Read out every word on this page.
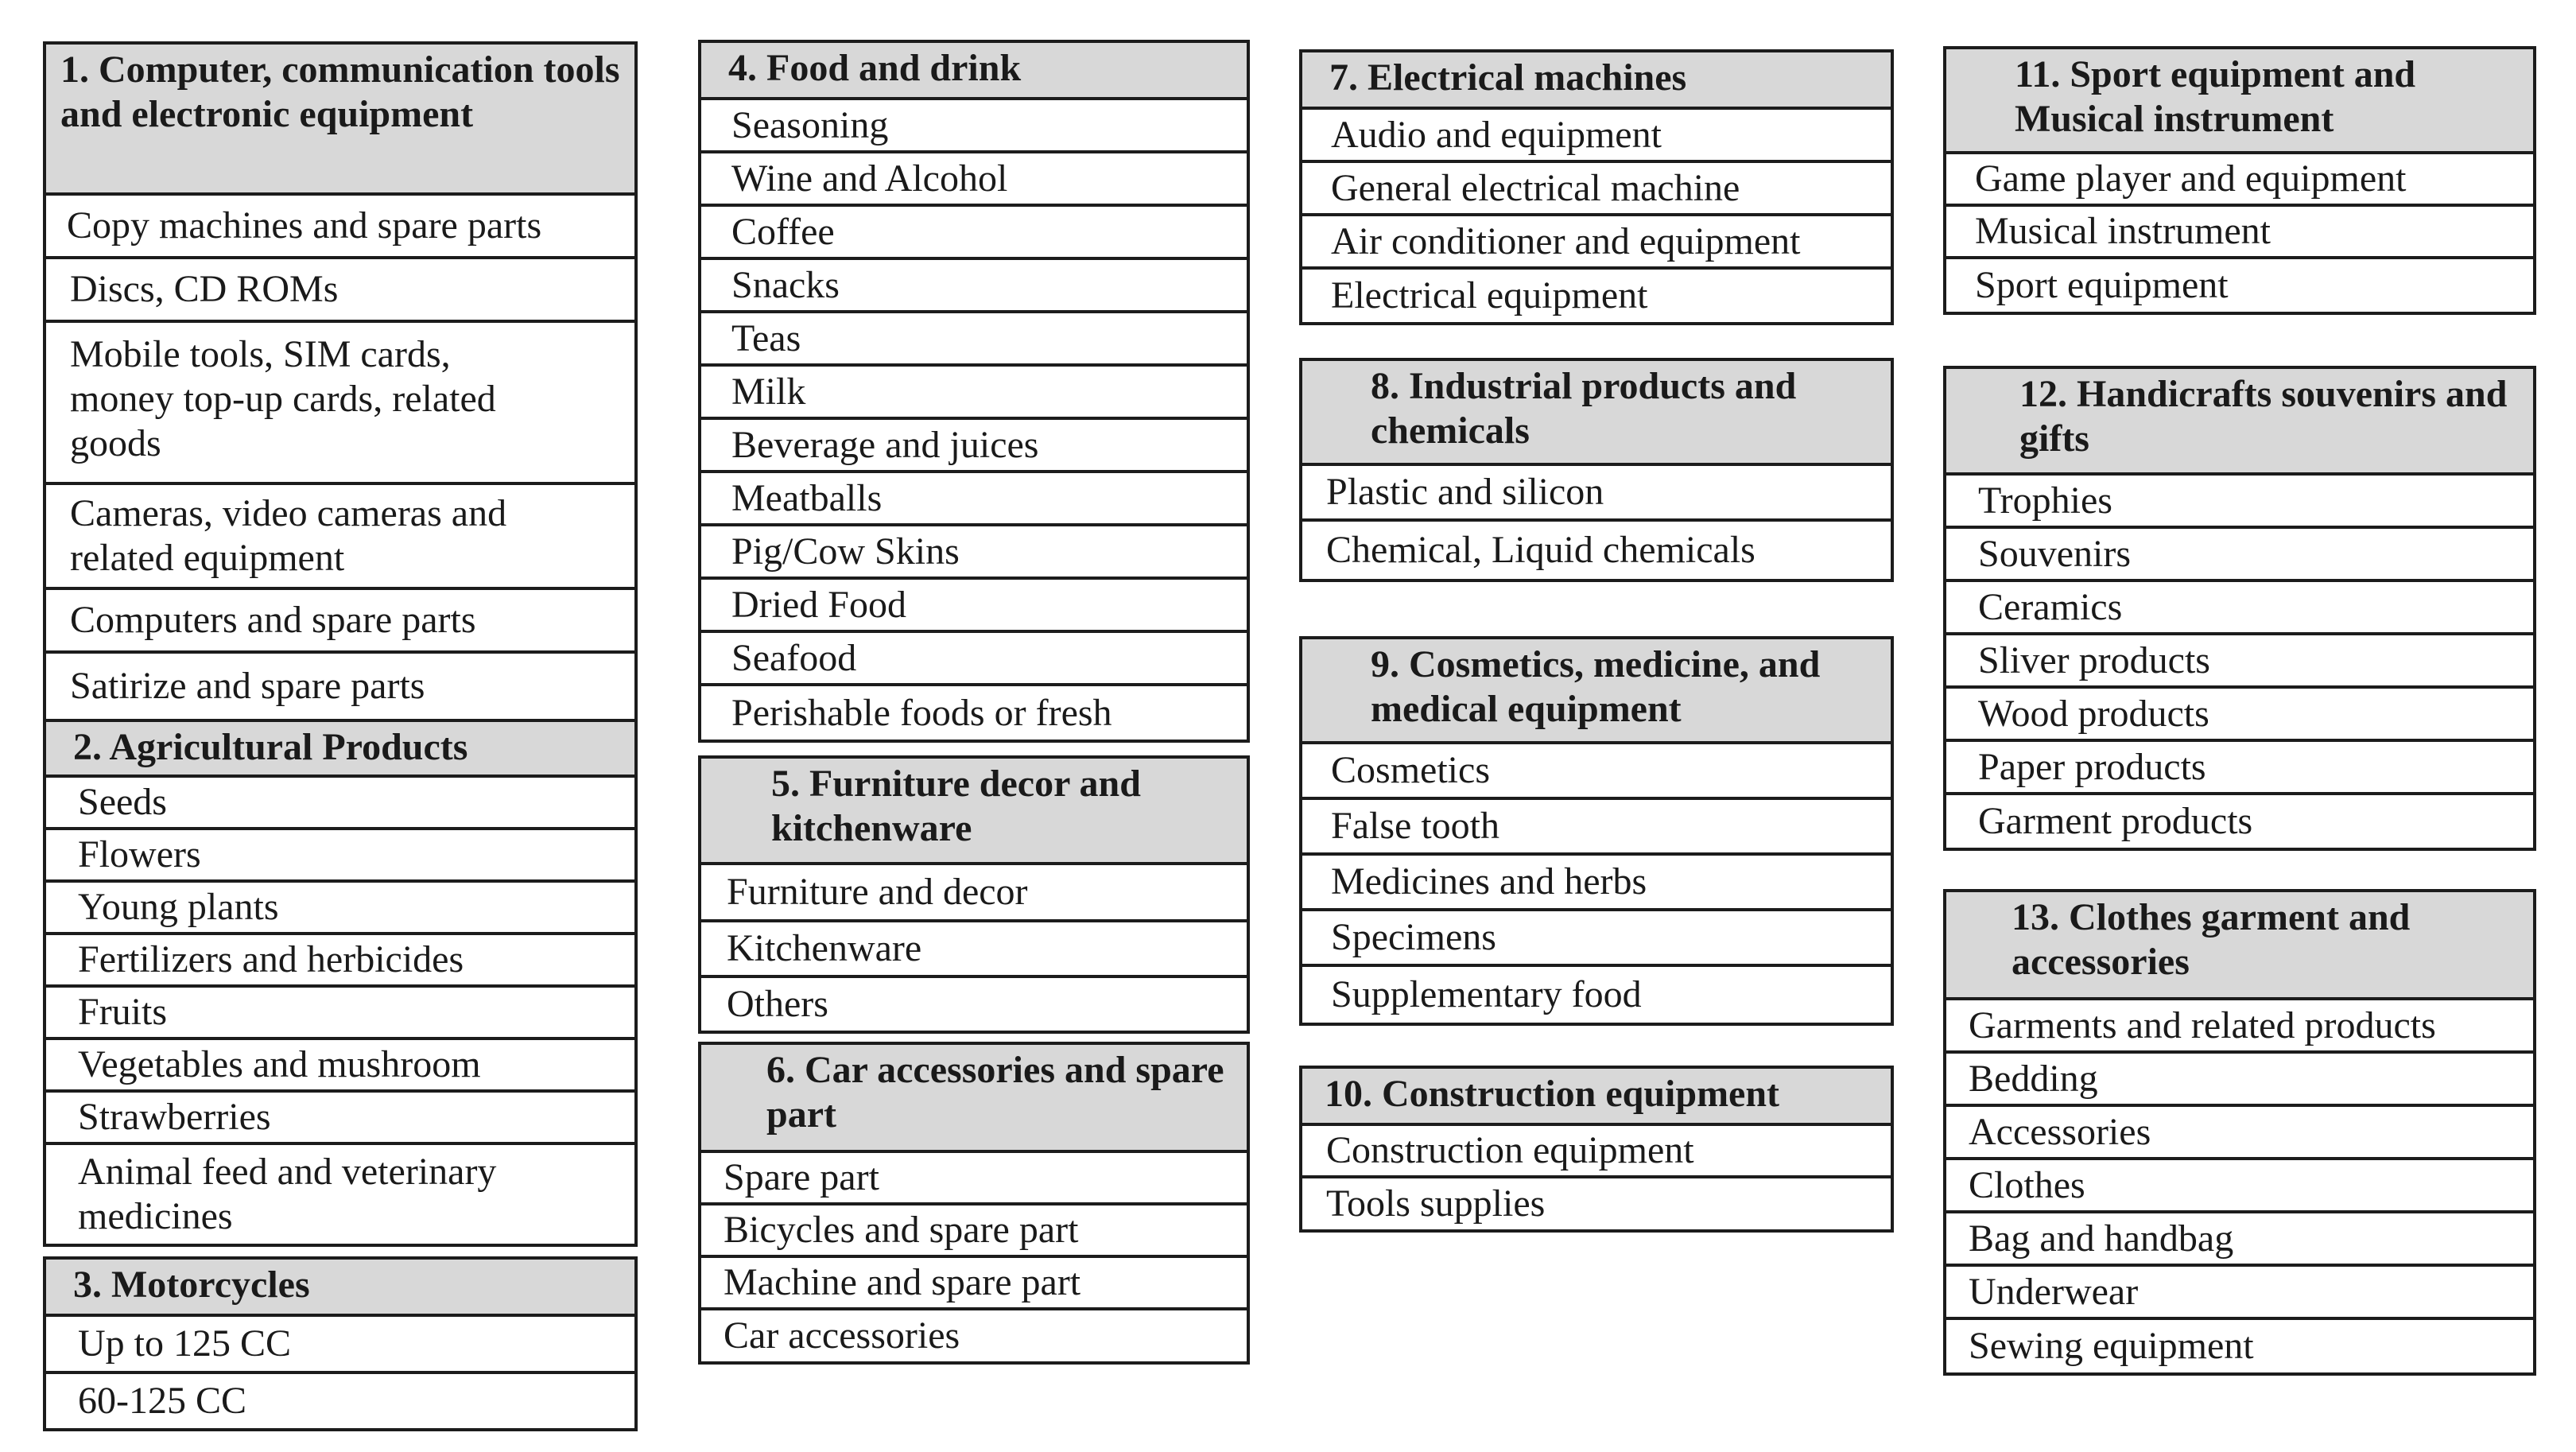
1. Computer, communication tools and electronic equipment
Copy machines and spare parts
Discs, CD ROMs
Mobile tools, SIM cards, money top-up cards, related goods
Cameras, video cameras and related equipment
Computers and spare parts
Satirize and spare parts
2. Agricultural Products
Seeds
Flowers
Young plants
Fertilizers and herbicides
Fruits
Vegetables and mushroom
Strawberries
Animal feed and veterinary medicines
3. Motorcycles
Up to 125 CC
60-125 CC
4. Food and drink
Seasoning
Wine and Alcohol
Coffee
Snacks
Teas
Milk
Beverage and juices
Meatballs
Pig/Cow Skins
Dried Food
Seafood
Perishable foods or fresh
5. Furniture decor and kitchenware
Furniture and decor
Kitchenware
Others
6. Car accessories and spare part
Spare part
Bicycles and spare part
Machine and spare part
Car accessories
7. Electrical machines
Audio and equipment
General electrical machine
Air conditioner and equipment
Electrical equipment
8. Industrial products and chemicals
Plastic and silicon
Chemical, Liquid chemicals
9. Cosmetics, medicine, and medical equipment
Cosmetics
False tooth
Medicines and herbs
Specimens
Supplementary food
10. Construction equipment
Construction equipment
Tools supplies
11. Sport equipment and Musical instrument
Game player and equipment
Musical instrument
Sport equipment
12. Handicrafts souvenirs and gifts
Trophies
Souvenirs
Ceramics
Sliver products
Wood products
Paper products
Garment products
13. Clothes garment and accessories
Garments and related products
Bedding
Accessories
Clothes
Bag and handbag
Underwear
Sewing equipment
